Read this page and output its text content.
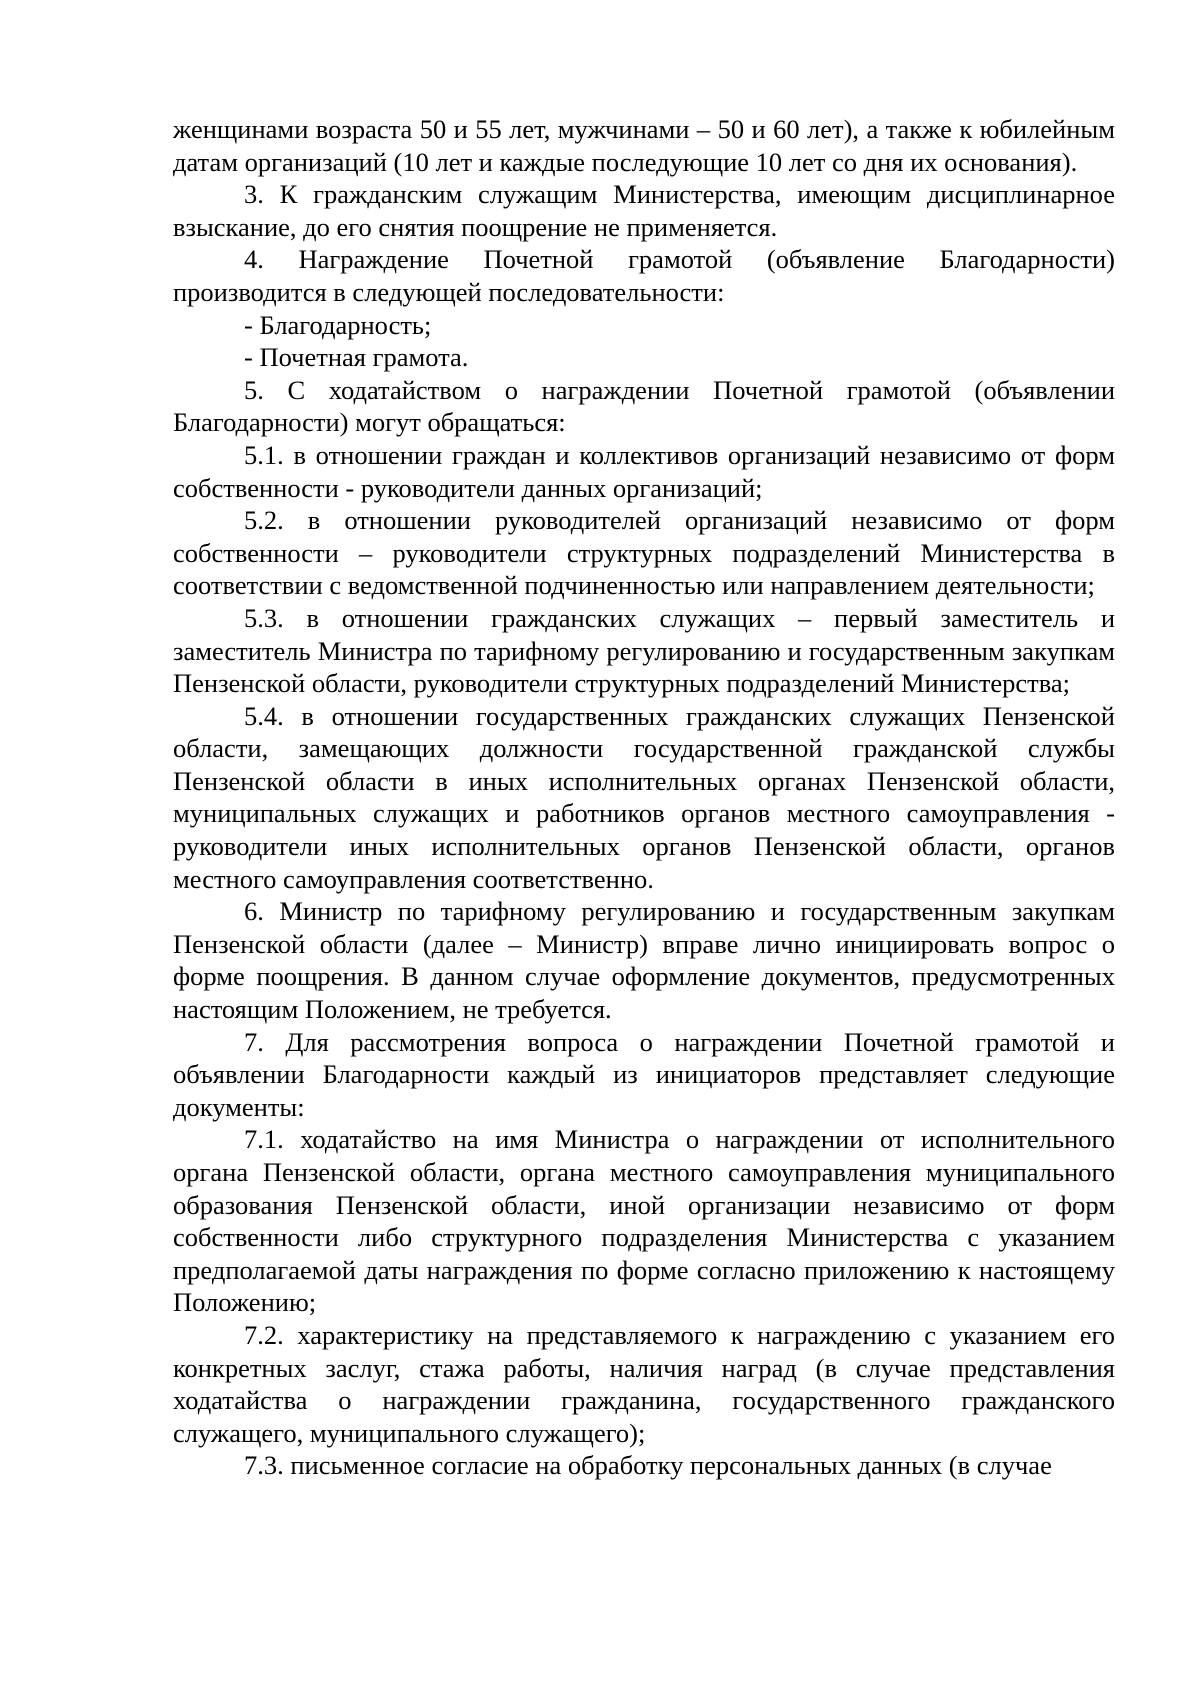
женщинами возраста 50 и 55 лет, мужчинами – 50 и 60 лет), а также к юбилейным датам организаций (10 лет и каждые последующие 10 лет со дня их основания).

3. К гражданским служащим Министерства, имеющим дисциплинарное взыскание, до его снятия поощрение не применяется.

4. Награждение Почетной грамотой (объявление Благодарности) производится в следующей последовательности:

- Благодарность;

- Почетная грамота.

5. С ходатайством о награждении Почетной грамотой (объявлении Благодарности) могут обращаться:

5.1. в отношении граждан и коллективов организаций независимо от форм собственности - руководители данных организаций;

5.2. в отношении руководителей организаций независимо от форм собственности – руководители структурных подразделений Министерства в соответствии с ведомственной подчиненностью или направлением деятельности;

5.3. в отношении гражданских служащих – первый заместитель и заместитель Министра по тарифному регулированию и государственным закупкам Пензенской области, руководители структурных подразделений Министерства;

5.4. в отношении государственных гражданских служащих Пензенской области, замещающих должности государственной гражданской службы Пензенской области в иных исполнительных органах Пензенской области, муниципальных служащих и работников органов местного самоуправления - руководители иных исполнительных органов Пензенской области, органов местного самоуправления соответственно.

6. Министр по тарифному регулированию и государственным закупкам Пензенской области (далее – Министр) вправе лично инициировать вопрос о форме поощрения. В данном случае оформление документов, предусмотренных настоящим Положением, не требуется.

7. Для рассмотрения вопроса о награждении Почетной грамотой и объявлении Благодарности каждый из инициаторов представляет следующие документы:

7.1. ходатайство на имя Министра о награждении от исполнительного органа Пензенской области, органа местного самоуправления муниципального образования Пензенской области, иной организации независимо от форм собственности либо структурного подразделения Министерства с указанием предполагаемой даты награждения по форме согласно приложению к настоящему Положению;

7.2. характеристику на представляемого к награждению с указанием его конкретных заслуг, стажа работы, наличия наград (в случае представления ходатайства о награждении гражданина, государственного гражданского служащего, муниципального служащего);

7.3. письменное согласие на обработку персональных данных (в случае
